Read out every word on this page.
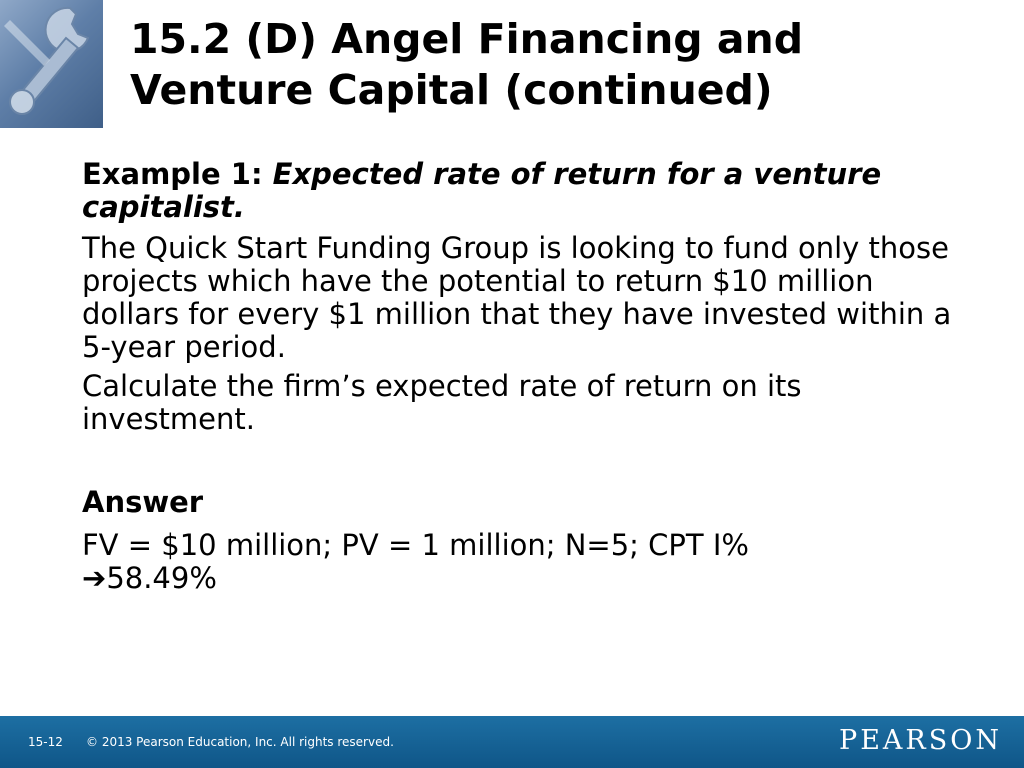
15.2 (D) Angel Financing and Venture Capital (continued)
Example 1: Expected rate of return for a venture capitalist.
The Quick Start Funding Group is looking to fund only those projects which have the potential to return $10 million dollars for every $1 million that they have invested within a 5-year period.
Calculate the firm’s expected rate of return on its investment.
Answer
FV = $10 million; PV = 1 million; N=5; CPT I%
➔58.49%
15-12 © 2013 Pearson Education, Inc. All rights reserved.	PEARSON
